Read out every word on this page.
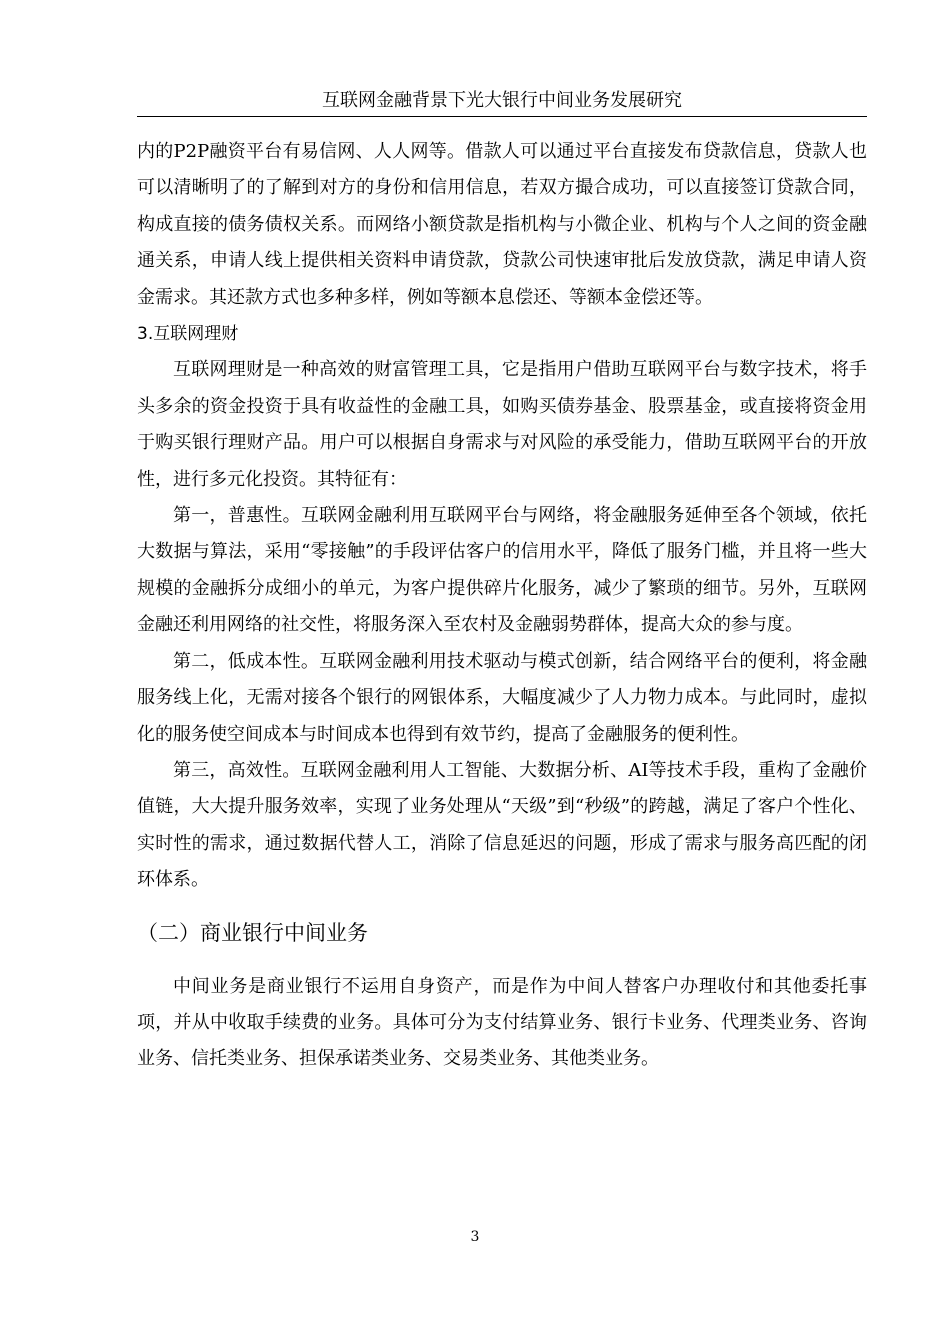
互联网金融背景下光大银行中间业务发展研究

内的P2P融资平台有易信网、人人网等。借款人可以通过平台直接发布贷款信息，贷款人也可以清晰明了的了解到对方的身份和信用信息，若双方撮合成功，可以直接签订贷款合同，构成直接的债务债权关系。而网络小额贷款是指机构与小微企业、机构与个人之间的资金融通关系，申请人线上提供相关资料申请贷款，贷款公司快速审批后发放贷款，满足申请人资金需求。其还款方式也多种多样，例如等额本息偿还、等额本金偿还等。

3.互联网理财

互联网理财是一种高效的财富管理工具，它是指用户借助互联网平台与数字技术，将手头多余的资金投资于具有收益性的金融工具，如购买债券基金、股票基金，或直接将资金用于购买银行理财产品。用户可以根据自身需求与对风险的承受能力，借助互联网平台的开放性，进行多元化投资。其特征有：

第一，普惠性。互联网金融利用互联网平台与网络，将金融服务延伸至各个领域，依托大数据与算法，采用“零接触”的手段评估客户的信用水平，降低了服务门槛，并且将一些大规模的金融拆分成细小的单元，为客户提供碎片化服务，减少了繁琐的细节。另外，互联网金融还利用网络的社交性，将服务深入至农村及金融弱势群体，提高大众的参与度。

第二，低成本性。互联网金融利用技术驱动与模式创新，结合网络平台的便利，将金融服务线上化，无需对接各个银行的网银体系，大幅度减少了人力物力成本。与此同时，虚拟化的服务使空间成本与时间成本也得到有效节约，提高了金融服务的便利性。

第三，高效性。互联网金融利用人工智能、大数据分析、AI等技术手段，重构了金融价值链，大大提升服务效率，实现了业务处理从“天级”到“秒级”的跨越，满足了客户个性化、实时性的需求，通过数据代替人工，消除了信息延迟的问题，形成了需求与服务高匹配的闭环体系。

（二）商业银行中间业务

中间业务是商业银行不运用自身资产，而是作为中间人替客户办理收付和其他委托事项，并从中收取手续费的业务。具体可分为支付结算业务、银行卡业务、代理类业务、咨询业务、信托类业务、担保承诺类业务、交易类业务、其他类业务。

3
